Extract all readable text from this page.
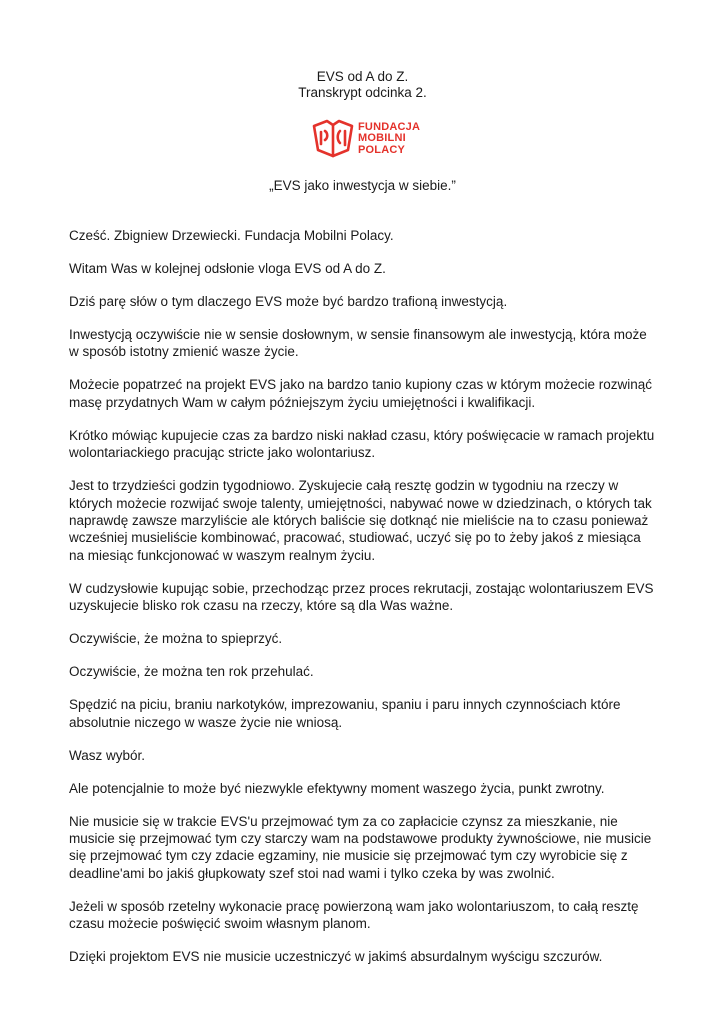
EVS od A do Z.
Transkrypt odcinka 2.
FUNDACJA
MOBILNI
POLACY
„EVS jako inwestycja w siebie.”

Cześć. Zbigniew Drzewiecki. Fundacja Mobilni Polacy.

Witam Was w kolejnej odsłonie vloga EVS od A do Z.

Dziś parę słów o tym dlaczego EVS może być bardzo trafioną inwestycją.

Inwestycją oczywiście nie w sensie dosłownym, w sensie finansowym ale inwestycją, która może w sposób istotny zmienić wasze życie.

Możecie popatrzeć na projekt EVS jako na bardzo tanio kupiony czas w którym możecie rozwinąć masę przydatnych Wam w całym późniejszym życiu umiejętności i kwalifikacji.

Krótko mówiąc kupujecie czas za bardzo niski nakład czasu, który poświęcacie w ramach projektu wolontariackiego pracując stricte jako wolontariusz.

Jest to trzydzieści godzin tygodniowo. Zyskujecie całą resztę godzin w tygodniu na rzeczy w których możecie rozwijać swoje talenty, umiejętności, nabywać nowe w dziedzinach, o których tak naprawdę zawsze marzyliście ale których baliście się dotknąć nie mieliście na to czasu ponieważ wcześniej musieliście kombinować, pracować, studiować, uczyć się po to żeby jakoś z miesiąca na miesiąc funkcjonować w waszym realnym życiu.

W cudzysłowie kupując sobie, przechodząc przez proces rekrutacji, zostając wolontariuszem EVS uzyskujecie blisko rok czasu na rzeczy, które są dla Was ważne.

Oczywiście, że można to spieprzyć.

Oczywiście, że można ten rok przehulać.

Spędzić na piciu, braniu narkotyków, imprezowaniu, spaniu i paru innych czynnościach które absolutnie niczego w wasze życie nie wniosą.

Wasz wybór.

Ale potencjalnie to może być niezwykle efektywny moment waszego życia, punkt zwrotny.

Nie musicie się w trakcie EVS'u przejmować tym za co zapłacicie czynsz za mieszkanie, nie musicie się przejmować tym czy starczy wam na podstawowe produkty żywnościowe, nie musicie się przejmować tym czy zdacie egzaminy, nie musicie się przejmować tym czy wyrobicie się z deadline'ami bo jakiś głupkowaty szef stoi nad wami i tylko czeka by was zwolnić.

Jeżeli w sposób rzetelny wykonacie pracę powierzoną wam jako wolontariuszom, to całą resztę czasu możecie poświęcić swoim własnym planom.

Dzięki projektom EVS nie musicie uczestniczyć w jakimś absurdalnym wyścigu szczurów.
